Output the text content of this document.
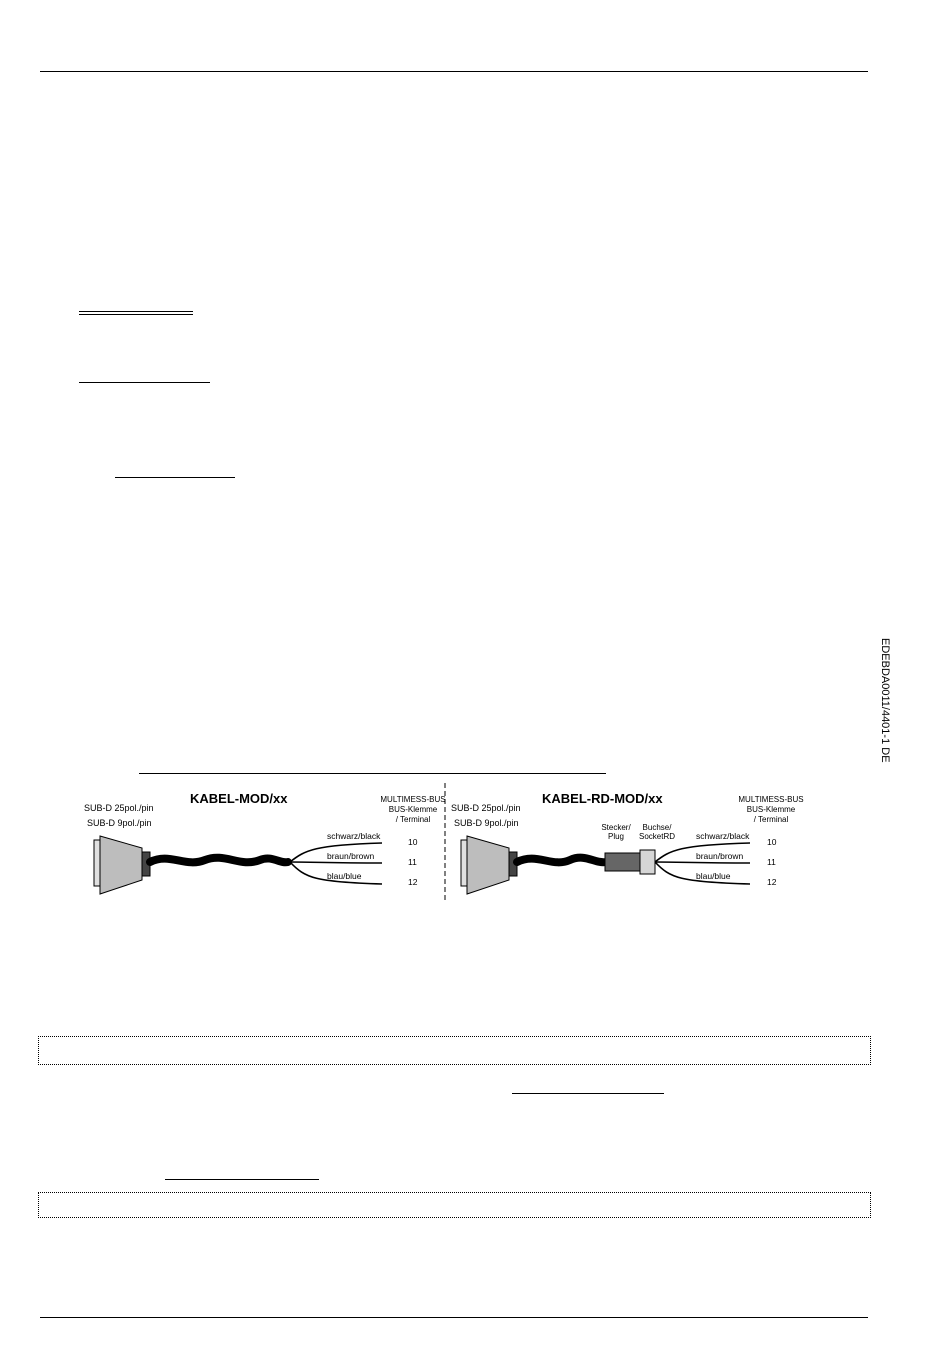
EDEBDA0011/4401-1 DE
KABEL-MOD/xx
SUB-D 25pol./pin
SUB-D 9pol./pin
MULTIMESS-BUS
BUS-Klemme
/ Terminal
schwarz/black
braun/brown
blau/blue
10
11
12
KABEL-RD-MOD/xx
SUB-D 25pol./pin
SUB-D 9pol./pin	Stecker/
Plug
Buchse/
SocketRD
MULTIMESS-BUS
BUS-Klemme
/ Terminal
schwarz/black
braun/brown
blau/blue
10
11
12
